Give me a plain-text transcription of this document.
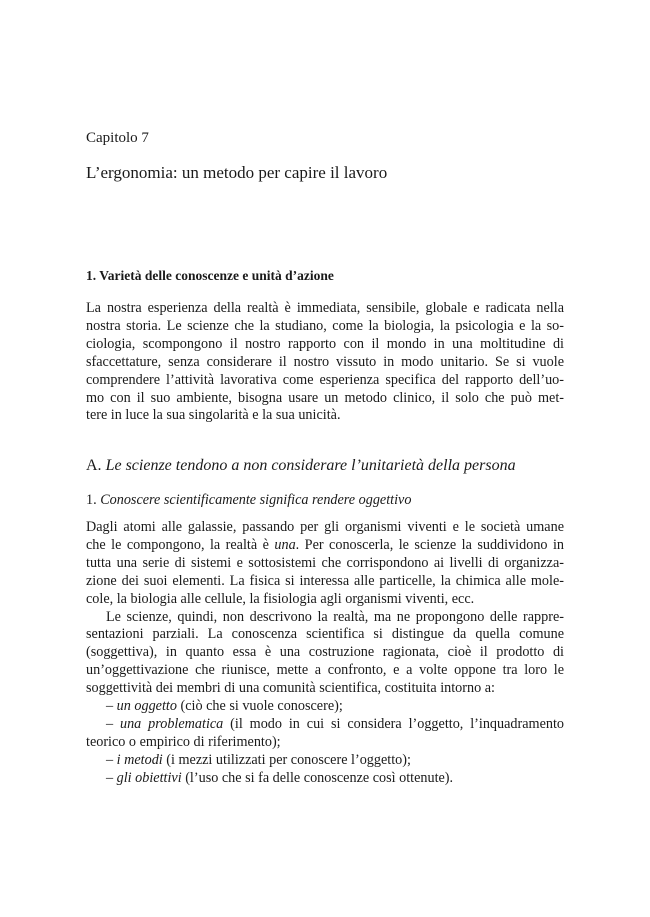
Capitolo 7
L’ergonomia: un metodo per capire il lavoro
1. Varietà delle conoscenze e unità d’azione
La nostra esperienza della realtà è immediata, sensibile, globale e radicata nella
nostra storia. Le scienze che la studiano, come la biologia, la psicologia e la so-
ciologia, scompongono il nostro rapporto con il mondo in una moltitudine di
sfaccettature, senza considerare il nostro vissuto in modo unitario. Se si vuole
comprendere l’attività lavorativa come esperienza specifica del rapporto dell’uo-
mo con il suo ambiente, bisogna usare un metodo clinico, il solo che può met-
tere in luce la sua singolarità e la sua unicità.
A. Le scienze tendono a non considerare l’unitarietà della persona
1. Conoscere scientificamente significa rendere oggettivo

Dagli atomi alle galassie, passando per gli organismi viventi e le società umane
che le compongono, la realtà è una. Per conoscerla, le scienze la suddividono in
tutta una serie di sistemi e sottosistemi che corrispondono ai livelli di organizza-
zione dei suoi elementi. La fisica si interessa alle particelle, la chimica alle mole-
cole, la biologia alle cellule, la fisiologia agli organismi viventi, ecc.

Le scienze, quindi, non descrivono la realtà, ma ne propongono delle rappre-
sentazioni parziali. La conoscenza scientifica si distingue da quella comune
(soggettiva), in quanto essa è una costruzione ragionata, cioè il prodotto di
un’oggettivazione che riunisce, mette a confronto, e a volte oppone tra loro le
soggettività dei membri di una comunità scientifica, costituita intorno a:

– un oggetto (ciò che si vuole conoscere);
– una problematica (il modo in cui si considera l’oggetto, l’inquadramento
teorico o empirico di riferimento);
– i metodi (i mezzi utilizzati per conoscere l’oggetto);
– gli obiettivi (l’uso che si fa delle conoscenze così ottenute).
